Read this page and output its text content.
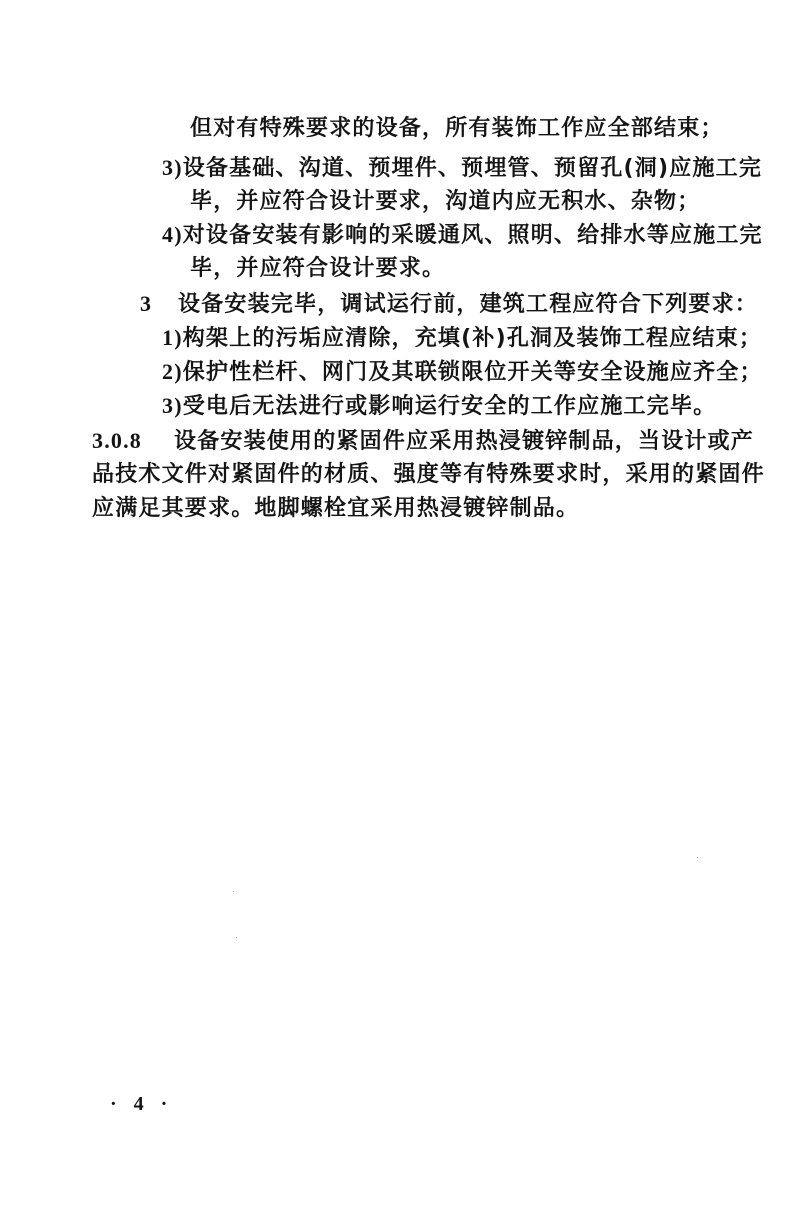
但对有特殊要求的设备，所有装饰工作应全部结束；
3)设备基础、沟道、预埋件、预埋管、预留孔(洞)应施工完
毕，并应符合设计要求，沟道内应无积水、杂物；
4)对设备安装有影响的采暖通风、照明、给排水等应施工完
毕，并应符合设计要求。
3 设备安装完毕，调试运行前，建筑工程应符合下列要求：
1)构架上的污垢应清除，充填(补)孔洞及装饰工程应结束；
2)保护性栏杆、网门及其联锁限位开关等安全设施应齐全；
3)受电后无法进行或影响运行安全的工作应施工完毕。
3.0.8 设备安装使用的紧固件应采用热浸镀锌制品，当设计或产
品技术文件对紧固件的材质、强度等有特殊要求时，采用的紧固件
应满足其要求。地脚螺栓宜采用热浸镀锌制品。
· 4 ·
